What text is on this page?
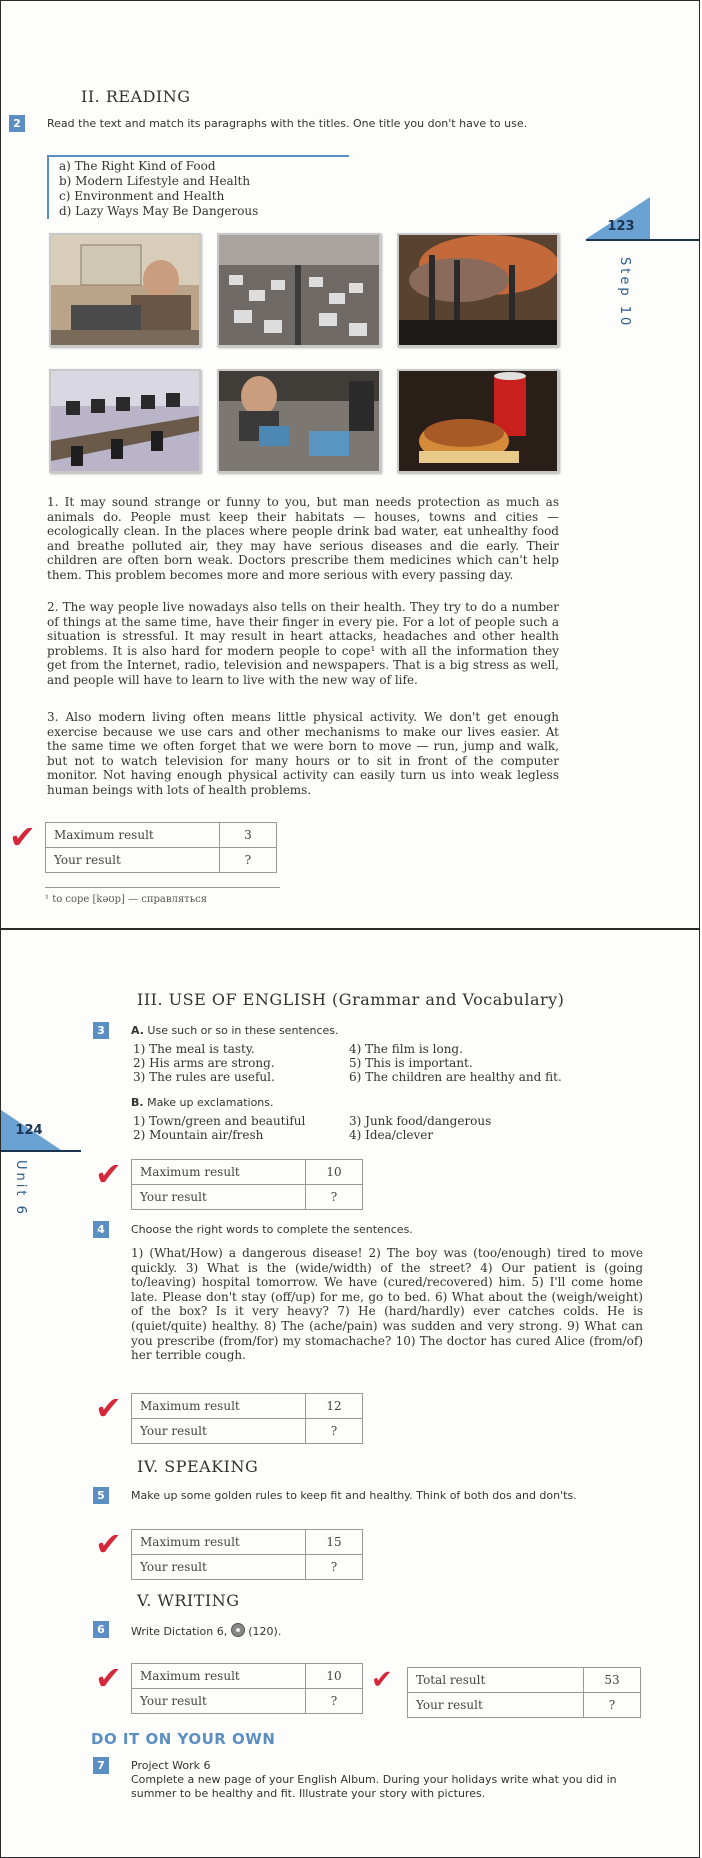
II. READING
2	Read the text and match its paragraphs with the titles. One title you don't have to use.
a) The Right Kind of Food
b) Modern Lifestyle and Health
c) Environment and Health
d) Lazy Ways May Be Dangerous
123
Step 10
1. It may sound strange or funny to you, but man needs protection as much as animals do. People must keep their habitats — houses, towns and cities — ecologically clean. In the places where people drink bad water, eat unhealthy food and breathe polluted air, they may have serious diseases and die early. Their children are often born weak. Doctors prescribe them medicines which can't help them. This problem becomes more and more serious with every passing day.
2. The way people live nowadays also tells on their health. They try to do a number of things at the same time, have their finger in every pie. For a lot of people such a situation is stressful. It may result in heart attacks, headaches and other health problems. It is also hard for modern people to cope¹ with all the information they get from the Internet, radio, television and newspapers. That is a big stress as well, and people will have to learn to live with the new way of life.
3. Also modern living often means little physical activity. We don't get enough exercise because we use cars and other mechanisms to make our lives easier. At the same time we often forget that we were born to move — run, jump and walk, but not to watch television for many hours or to sit in front of the computer monitor. Not having enough physical activity can easily turn us into weak legless human beings with lots of health problems.
✔ Maximum result	3
Your result	?
¹ to cope [kəʊp] — справляться
III. USE OF ENGLISH (Grammar and Vocabulary)
124
Unit 6
3	A. Use such or so in these sentences.
1) The meal is tasty.
2) His arms are strong.
3) The rules are useful.
4) The film is long.
5) This is important.
6) The children are healthy and fit.
B. Make up exclamations.
1) Town/green and beautiful
2) Mountain air/fresh
3) Junk food/dangerous
4) Idea/clever
✔ Maximum result	10
Your result	?
4	Choose the right words to complete the sentences.
1) (What/How) a dangerous disease! 2) The boy was (too/enough) tired to move quickly. 3) What is the (wide/width) of the street? 4) Our patient is (going to/leaving) hospital tomorrow. We have (cured/recovered) him. 5) I'll come home late. Please don't stay (off/up) for me, go to bed. 6) What about the (weigh/weight) of the box? Is it very heavy? 7) He (hard/hardly) ever catches colds. He is (quiet/quite) healthy. 8) The (ache/pain) was sudden and very strong. 9) What can you prescribe (from/for) my stomachache? 10) The doctor has cured Alice (from/of) her terrible cough.
✔ Maximum result	12
Your result	?
IV. SPEAKING
5	Make up some golden rules to keep fit and healthy. Think of both dos and don'ts.
✔ Maximum result	15
Your result	?
V. WRITING
6	Write Dictation 6, (120).
✔ Maximum result	10
Your result	?
✔ Total result	53
Your result	?
DO IT ON YOUR OWN
7	Project Work 6
Complete a new page of your English Album. During your holidays write what you did in summer to be healthy and fit. Illustrate your story with pictures.
